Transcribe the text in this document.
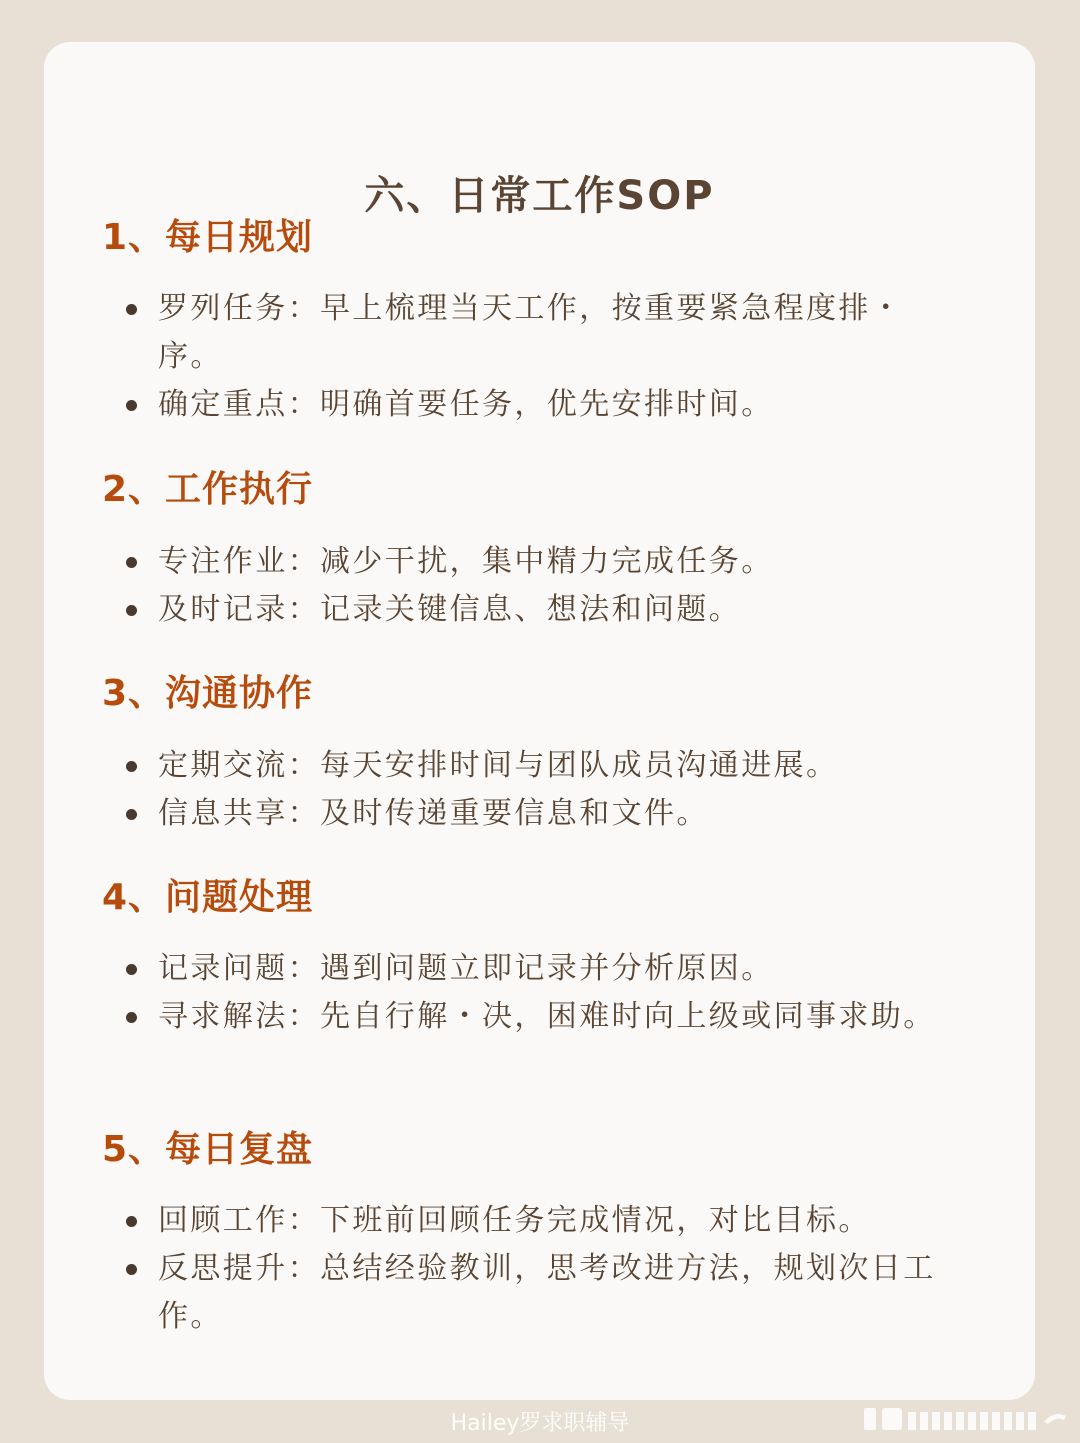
六、日常工作SOP
1、每日规划
罗列任务：早上梳理当天工作，按重要紧急程度排・序。
确定重点：明确首要任务，优先安排时间。
2、工作执行
专注作业：减少干扰，集中精力完成任务。
及时记录：记录关键信息、想法和问题。
3、沟通协作
定期交流：每天安排时间与团队成员沟通进展。
信息共享：及时传递重要信息和文件。
4、问题处理
记录问题：遇到问题立即记录并分析原因。
寻求解法：先自行解・决，困难时向上级或同事求助。
5、每日复盘
回顾工作：下班前回顾任务完成情况，对比目标。
反思提升：总结经验教训，思考改进方法，规划次日工作。
Hailey罗求职辅导
